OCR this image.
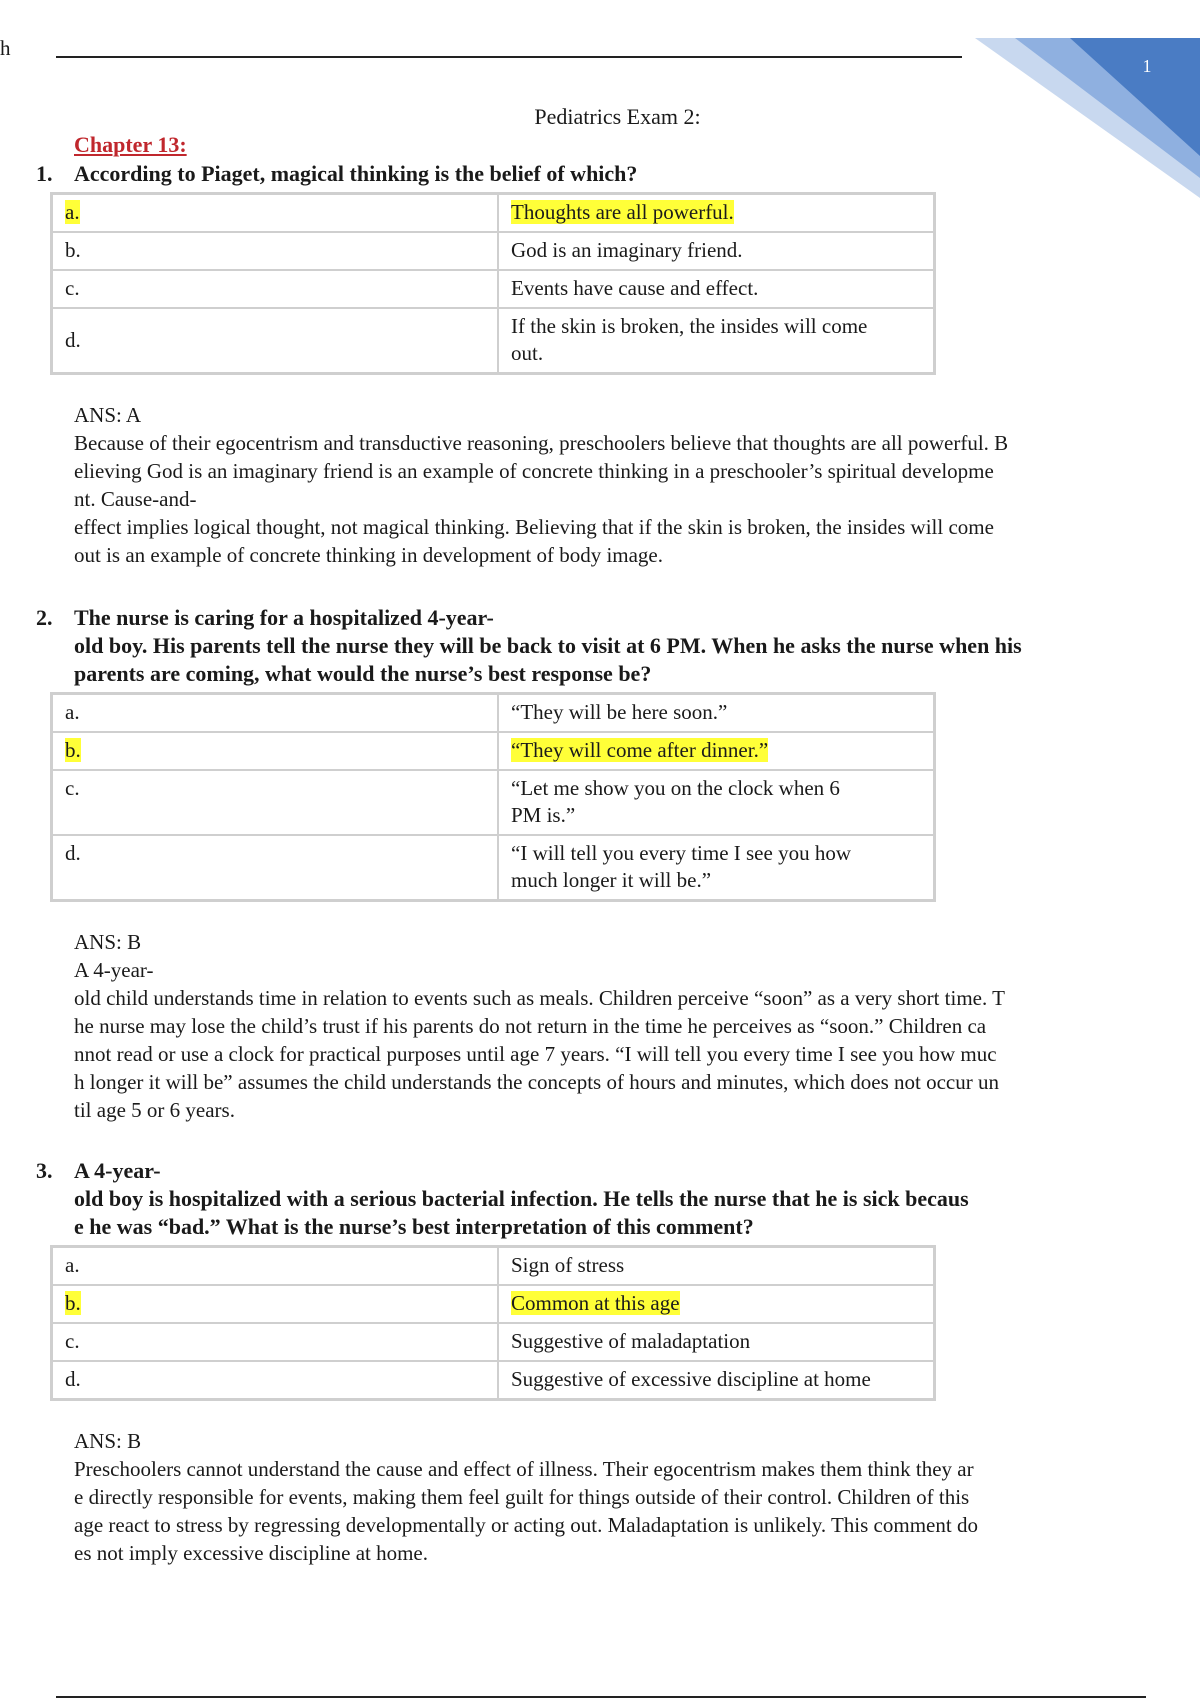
h
1
Pediatrics Exam 2:
Chapter 13:
1. According to Piaget, magical thinking is the belief of which?
a.	Thoughts are all powerful.
b.	God is an imaginary friend.
c.	Events have cause and effect.
d.	If the skin is broken, the insides will come
out.
ANS: A
Because of their egocentrism and transductive reasoning, preschoolers believe that thoughts are all powerful. B
elieving God is an imaginary friend is an example of concrete thinking in a preschooler’s spiritual developme
nt. Cause-and-
effect implies logical thought, not magical thinking. Believing that if the skin is broken, the insides will come
out is an example of concrete thinking in development of body image.
2. The nurse is caring for a hospitalized 4-year-
old boy. His parents tell the nurse they will be back to visit at 6 PM. When he asks the nurse when his
parents are coming, what would the nurse’s best response be?
a.	“They will be here soon.”
b.	“They will come after dinner.”
c.	“Let me show you on the clock when 6
PM is.”
d.	“I will tell you every time I see you how
much longer it will be.”
ANS: B
A 4-year-
old child understands time in relation to events such as meals. Children perceive “soon” as a very short time. T
he nurse may lose the child’s trust if his parents do not return in the time he perceives as “soon.” Children ca
nnot read or use a clock for practical purposes until age 7 years. “I will tell you every time I see you how muc
h longer it will be” assumes the child understands the concepts of hours and minutes, which does not occur un
til age 5 or 6 years.
3. A 4-year-
old boy is hospitalized with a serious bacterial infection. He tells the nurse that he is sick becaus
e he was “bad.” What is the nurse’s best interpretation of this comment?
a.	Sign of stress
b.	Common at this age
c.	Suggestive of maladaptation
d.	Suggestive of excessive discipline at home
ANS: B
Preschoolers cannot understand the cause and effect of illness. Their egocentrism makes them think they ar
e directly responsible for events, making them feel guilt for things outside of their control. Children of this
age react to stress by regressing developmentally or acting out. Maladaptation is unlikely. This comment do
es not imply excessive discipline at home.
